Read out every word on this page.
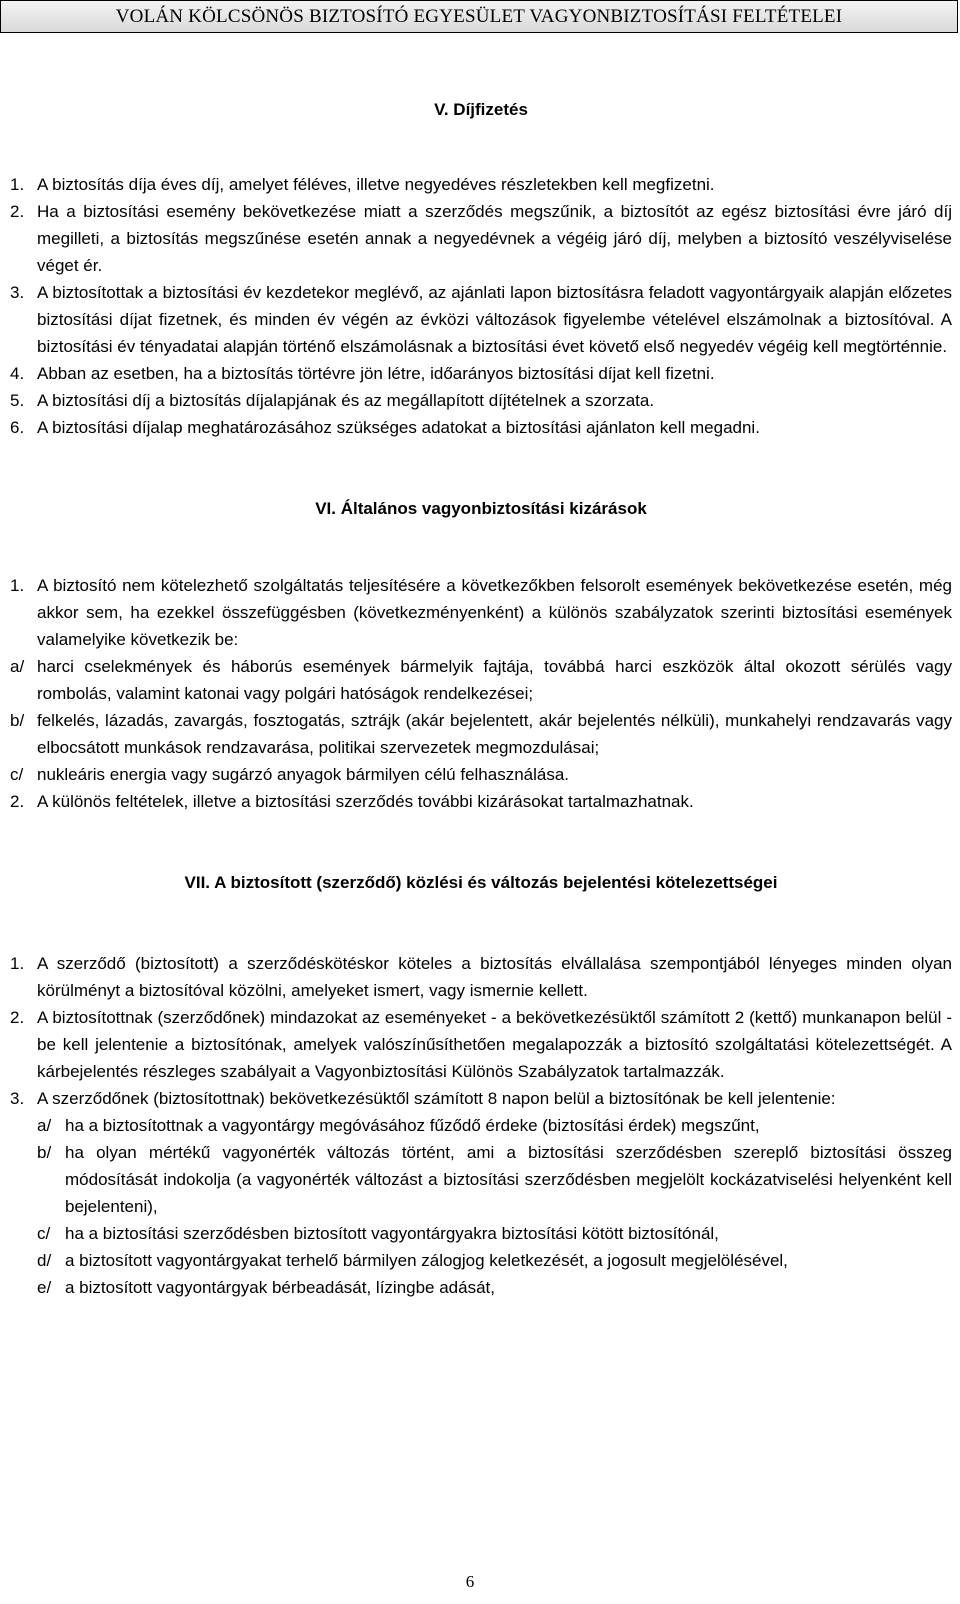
VOLÁN KÖLCSÖNÖS BIZTOSÍTÓ EGYESÜLET VAGYONBIZTOSÍTÁSI FELTÉTELEI
V. Díjfizetés
1. A biztosítás díja éves díj, amelyet féléves, illetve negyedéves részletekben kell megfizetni.
2. Ha a biztosítási esemény bekövetkezése miatt a szerződés megszűnik, a biztosítót az egész biztosítási évre járó díj megilleti, a biztosítás megszűnése esetén annak a negyedévnek a végéig járó díj, melyben a biztosító veszélyviselése véget ér.
3. A biztosítottak a biztosítási év kezdetekor meglévő, az ajánlati lapon biztosításra feladott vagyontárgyaik alapján előzetes biztosítási díjat fizetnek, és minden év végén az évközi változások figyelembe vételével elszámolnak a biztosítóval. A biztosítási év tényadatai alapján történő elszámolásnak a biztosítási évet követő első negyedév végéig kell megtörténnie.
4. Abban az esetben, ha a biztosítás törtévre jön létre, időarányos biztosítási díjat kell fizetni.
5. A biztosítási díj a biztosítás díjalapjának és az megállapított díjtételnek a szorzata.
6. A biztosítási díjalap meghatározásához szükséges adatokat a biztosítási ajánlaton kell megadni.
VI. Általános vagyonbiztosítási kizárások
1. A biztosító nem kötelezhető szolgáltatás teljesítésére a következőkben felsorolt események bekövetkezése esetén, még akkor sem, ha ezekkel összefüggésben (következményenként) a különös szabályzatok szerinti biztosítási események valamelyike következik be:
a/ harci cselekmények és háborús események bármelyik fajtája, továbbá harci eszközök által okozott sérülés vagy rombolás, valamint katonai vagy polgári hatóságok rendelkezései;
b/ felkelés, lázadás, zavargás, fosztogatás, sztrájk (akár bejelentett, akár bejelentés nélküli), munkahelyi rendzavarás vagy elbocsátott munkások rendzavarása, politikai szervezetek megmozdulásai;
c/ nukleáris energia vagy sugárzó anyagok bármilyen célú felhasználása.
2. A különös feltételek, illetve a biztosítási szerződés további kizárásokat tartalmazhatnak.
VII. A biztosított (szerződő) közlési és változás bejelentési kötelezettségei
1. A szerződő (biztosított) a szerződéskötéskor köteles a biztosítás elvállalása szempontjából lényeges minden olyan körülményt a biztosítóval közölni, amelyeket ismert, vagy ismernie kellett.
2. A biztosítottnak (szerződőnek) mindazokat az eseményeket - a bekövetkezésüktől számított 2 (kettő) munkanapon belül - be kell jelentenie a biztosítónak, amelyek valószínűsíthetően megalapozzák a biztosító szolgáltatási kötelezettségét. A kárbejelentés részleges szabályait a Vagyonbiztosítási Különös Szabályzatok tartalmazzák.
3. A szerződőnek (biztosítottnak) bekövetkezésüktől számított 8 napon belül a biztosítónak be kell jelentenie:
a/ ha a biztosítottnak a vagyontárgy megóvásához fűződő érdeke (biztosítási érdek) megszűnt,
b/ ha olyan mértékű vagyonérték változás történt, ami a biztosítási szerződésben szereplő biztosítási összeg módosítását indokolja (a vagyonérték változást a biztosítási szerződésben megjelölt kockázatviselési helyenként kell bejelenteni),
c/ ha a biztosítási szerződésben biztosított vagyontárgyakra biztosítási kötött biztosítónál,
d/ a biztosított vagyontárgyakat terhelő bármilyen zálogjog keletkezését, a jogosult megjelölésével,
e/ a biztosított vagyontárgyak bérbeadását, lízingbe adását,
6
